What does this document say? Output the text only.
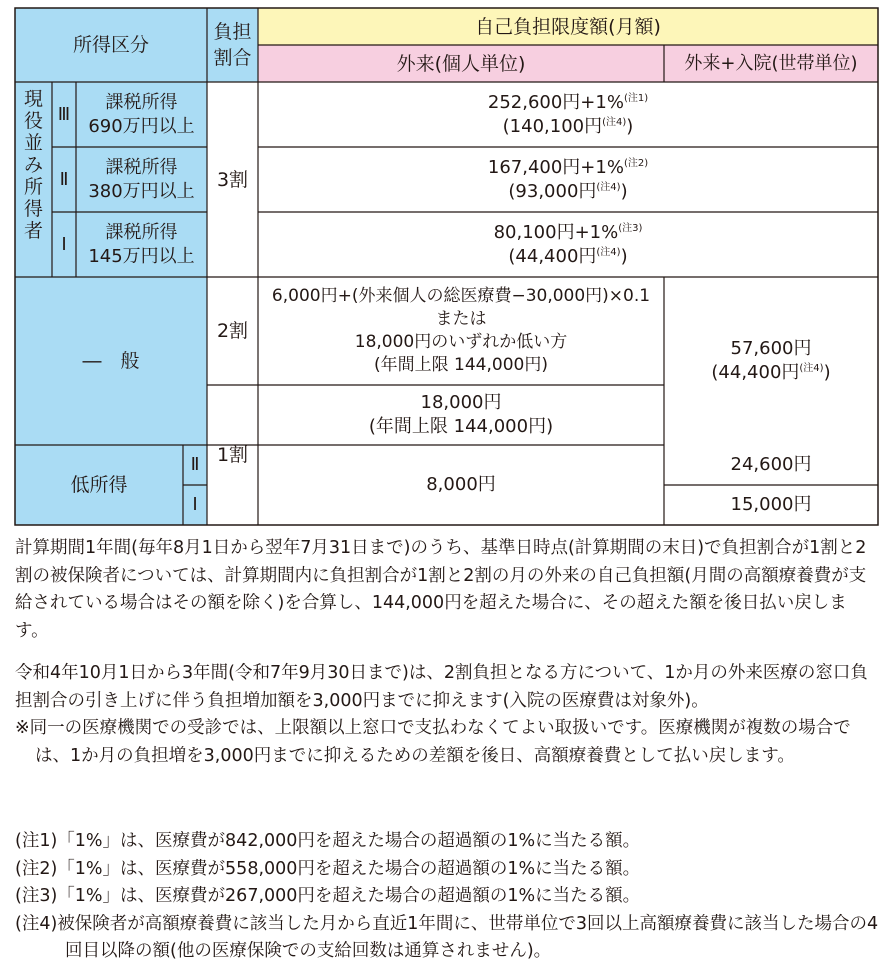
所得区分
負担
割合
自己負担限度額(月額)
外来(個人単位)	外来+入院(世帯単位)
現
役
並
み
所
得
者
Ⅲ
課税所得
690万円以上
252,600円+1%$^{(注1)}$
(140,100円$^{(注4)}$)
Ⅱ
課税所得
380万円以上
167,400円+1%$^{(注2)}$
(93,000円$^{(注4)}$)
Ⅰ
課税所得
145万円以上
80,100円+1%$^{(注3)}$
(44,400円$^{(注4)}$)
3割
―　般
2割
1割
6,000円+(外来個人の総医療費−30,000円)×0.1
または
18,000円のいずれか低い方
(年間上限 144,000円)
18,000円
(年間上限 144,000円)
57,600円
(44,400円$^{(注4)}$)
低所得
Ⅱ
Ⅰ
8,000円
24,600円
15,000円

計算期間1年間(毎年8月1日から翌年7月31日まで)のうち、基準日時点(計算期間の末日)で負担割合が1割と2割の被保険者については、計算期間内に負担割合が1割と2割の月の外来の自己負担額(月間の高額療養費が支給されている場合はその額を除く)を合算し、144,000円を超えた場合に、その超えた額を後日払い戻します。

令和4年10月1日から3年間(令和7年9月30日まで)は、2割負担となる方について、1か月の外来医療の窓口負担割合の引き上げに伴う負担増加額を3,000円までに抑えます(入院の医療費は対象外)。

※同一の医療機関での受診では、上限額以上窓口で支払わなくてよい取扱いです。医療機関が複数の場合では、1か月の負担増を3,000円までに抑えるための差額を後日、高額療養費として払い戻します。

(注1)「1%」は、医療費が842,000円を超えた場合の超過額の1%に当たる額。

(注2)「1%」は、医療費が558,000円を超えた場合の超過額の1%に当たる額。

(注3)「1%」は、医療費が267,000円を超えた場合の超過額の1%に当たる額。

(注4)被保険者が高額療養費に該当した月から直近1年間に、世帯単位で3回以上高額療養費に該当した場合の4回目以降の額(他の医療保険での支給回数は通算されません)。
